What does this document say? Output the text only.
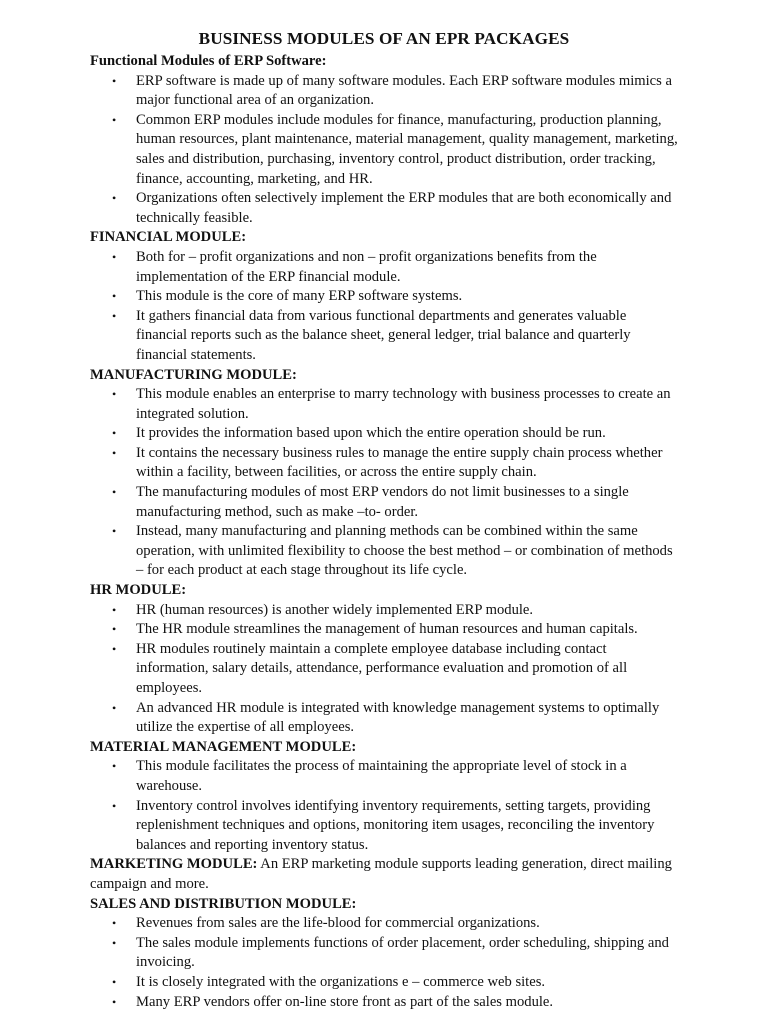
BUSINESS MODULES OF AN EPR PACKAGES
Functional Modules of ERP Software:
• ERP software is made up of many software modules. Each ERP software modules mimics a major functional area of an organization.
• Common ERP modules include modules for finance, manufacturing, production planning, human resources, plant maintenance, material management, quality management, marketing, sales and distribution, purchasing, inventory control, product distribution, order tracking, finance, accounting, marketing, and HR.
• Organizations often selectively implement the ERP modules that are both economically and technically feasible.
FINANCIAL MODULE:
• Both for – profit organizations and non – profit organizations benefits from the implementation of the ERP financial module.
• This module is the core of many ERP software systems.
• It gathers financial data from various functional departments and generates valuable financial reports such as the balance sheet, general ledger, trial balance and quarterly financial statements.
MANUFACTURING MODULE:
• This module enables an enterprise to marry technology with business processes to create an integrated solution.
• It provides the information based upon which the entire operation should be run.
• It contains the necessary business rules to manage the entire supply chain process whether within a facility, between facilities, or across the entire supply chain.
• The manufacturing modules of most ERP vendors do not limit businesses to a single manufacturing method, such as make –to- order.
• Instead, many manufacturing and planning methods can be combined within the same operation, with unlimited flexibility to choose the best method – or combination of methods – for each product at each stage throughout its life cycle.
HR MODULE:
• HR (human resources) is another widely implemented ERP module.
• The HR module streamlines the management of human resources and human capitals.
• HR modules routinely maintain a complete employee database including contact information, salary details, attendance, performance evaluation and promotion of all employees.
• An advanced HR module is integrated with knowledge management systems to optimally utilize the expertise of all employees.
MATERIAL MANAGEMENT MODULE:
• This module facilitates the process of maintaining the appropriate level of stock in a warehouse.
• Inventory control involves identifying inventory requirements, setting targets, providing replenishment techniques and options, monitoring item usages, reconciling the inventory balances and reporting inventory status.

MARKETING MODULE: An ERP marketing module supports leading generation, direct mailing campaign and more.

SALES AND DISTRIBUTION MODULE:
• Revenues from sales are the life-blood for commercial organizations.
• The sales module implements functions of order placement, order scheduling, shipping and invoicing.
• It is closely integrated with the organizations e – commerce web sites.
• Many ERP vendors offer on-line store front as part of the sales module.
